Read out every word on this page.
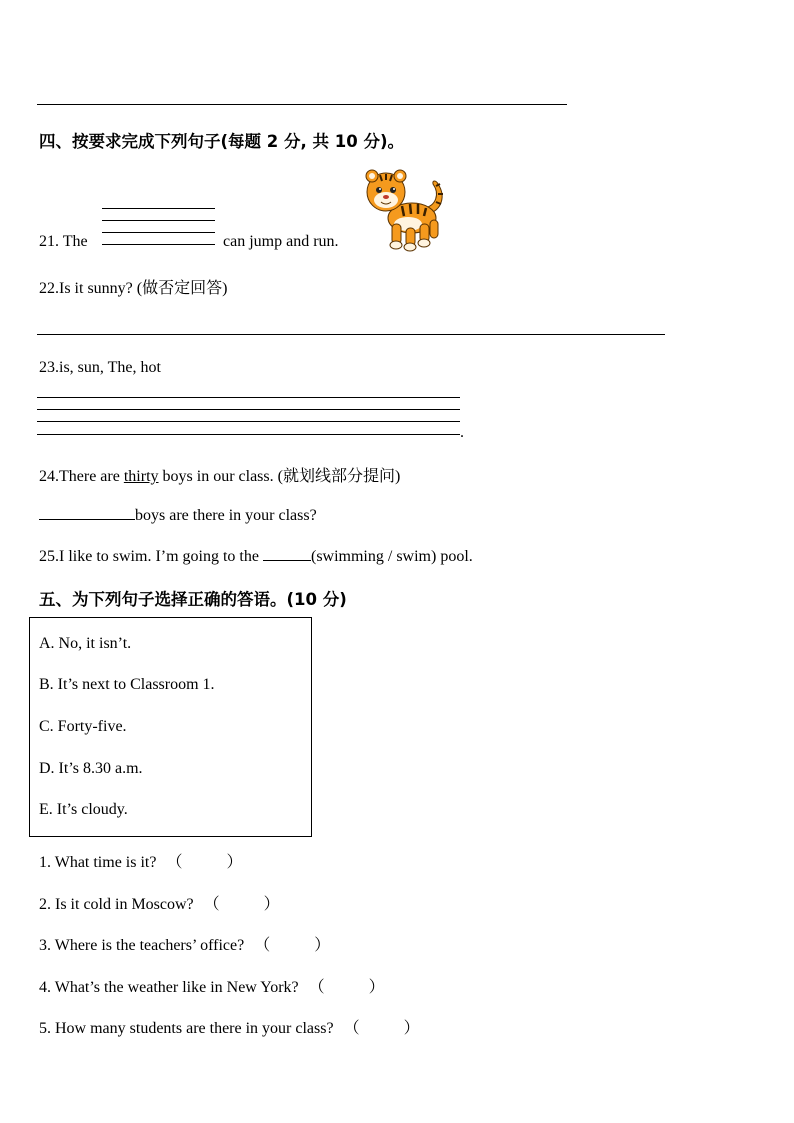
四、按要求完成下列句子(每题 2 分, 共 10 分)。
21. The	can jump and run.
22.Is it sunny? (做否定回答)
23.is, sun, The, hot
.
24.There are thirty boys in our class. (就划线部分提问)
boys are there in your class?
25.I like to swim. I’m going to the	(swimming / swim) pool.
五、为下列句子选择正确的答语。(10 分)
A. No, it isn’t.
B. It’s next to Classroom 1.
C. Forty-five.
D. It’s 8.30 a.m.
E. It’s cloudy.
1. What time is it? （	）
2. Is it cold in Moscow? （	）
3. Where is the teachers’ office? （	）
4. What’s the weather like in New York? （	）
5. How many students are there in your class? （	）
